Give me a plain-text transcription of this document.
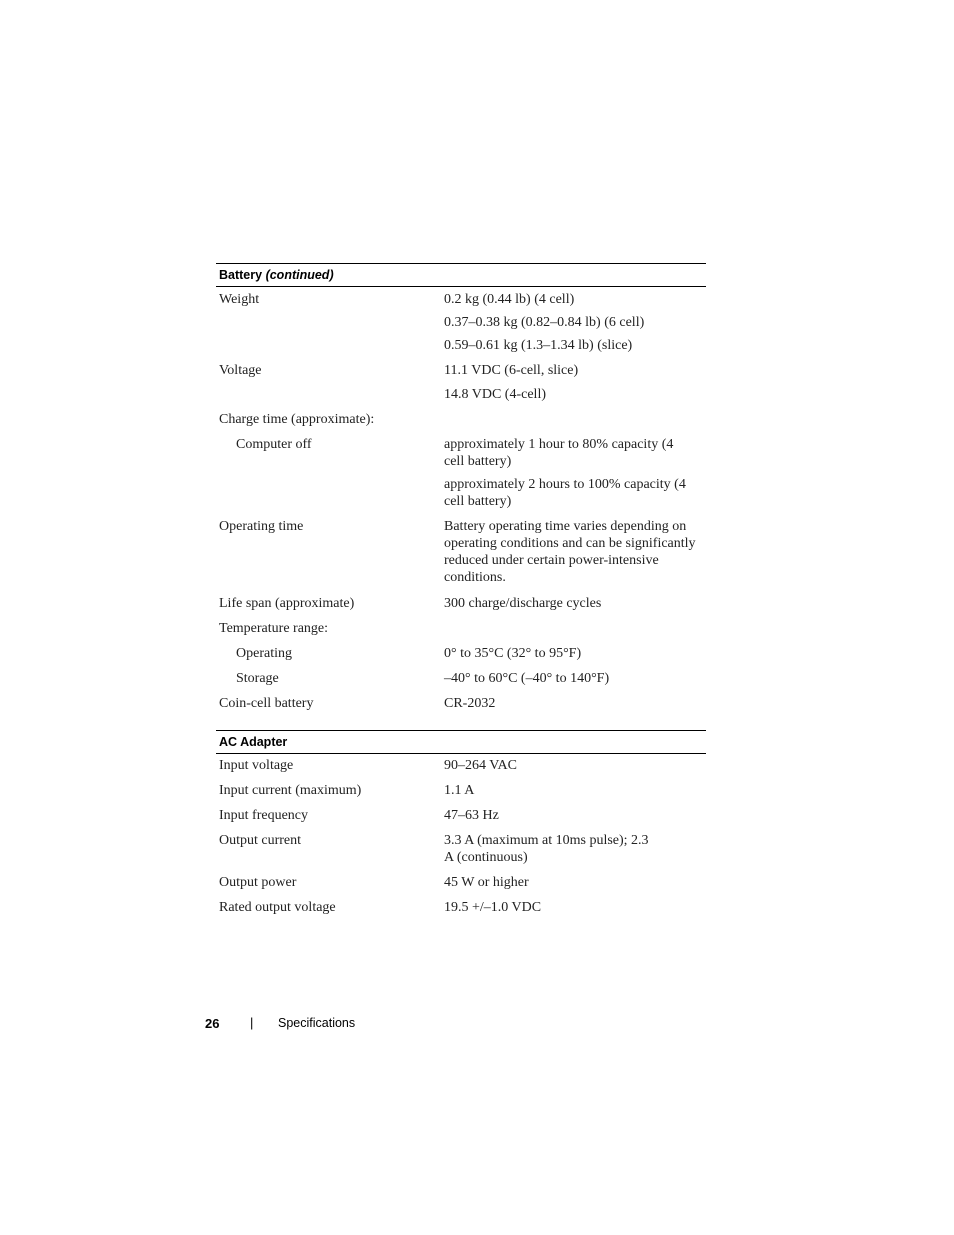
Battery (continued)
Weight	0.2 kg (0.44 lb) (4 cell)
0.37–0.38 kg (0.82–0.84 lb) (6 cell)
0.59–0.61 kg (1.3–1.34 lb) (slice)
Voltage	11.1 VDC (6-cell, slice)
14.8 VDC (4-cell)
Charge time (approximate):
Computer off	approximately 1 hour to 80% capacity (4 cell battery)
approximately 2 hours to 100% capacity (4 cell battery)
Operating time	Battery operating time varies depending on operating conditions and can be significantly reduced under certain power-intensive conditions.
Life span (approximate)	300 charge/discharge cycles
Temperature range:
Operating	0° to 35°C (32° to 95°F)
Storage	–40° to 60°C (–40° to 140°F)
Coin-cell battery	CR-2032
AC Adapter
Input voltage	90–264 VAC
Input current (maximum)	1.1 A
Input frequency	47–63 Hz
Output current	3.3 A (maximum at 10ms pulse); 2.3 A (continuous)
Output power	45 W or higher
Rated output voltage	19.5 +/–1.0 VDC
26 | Specifications
